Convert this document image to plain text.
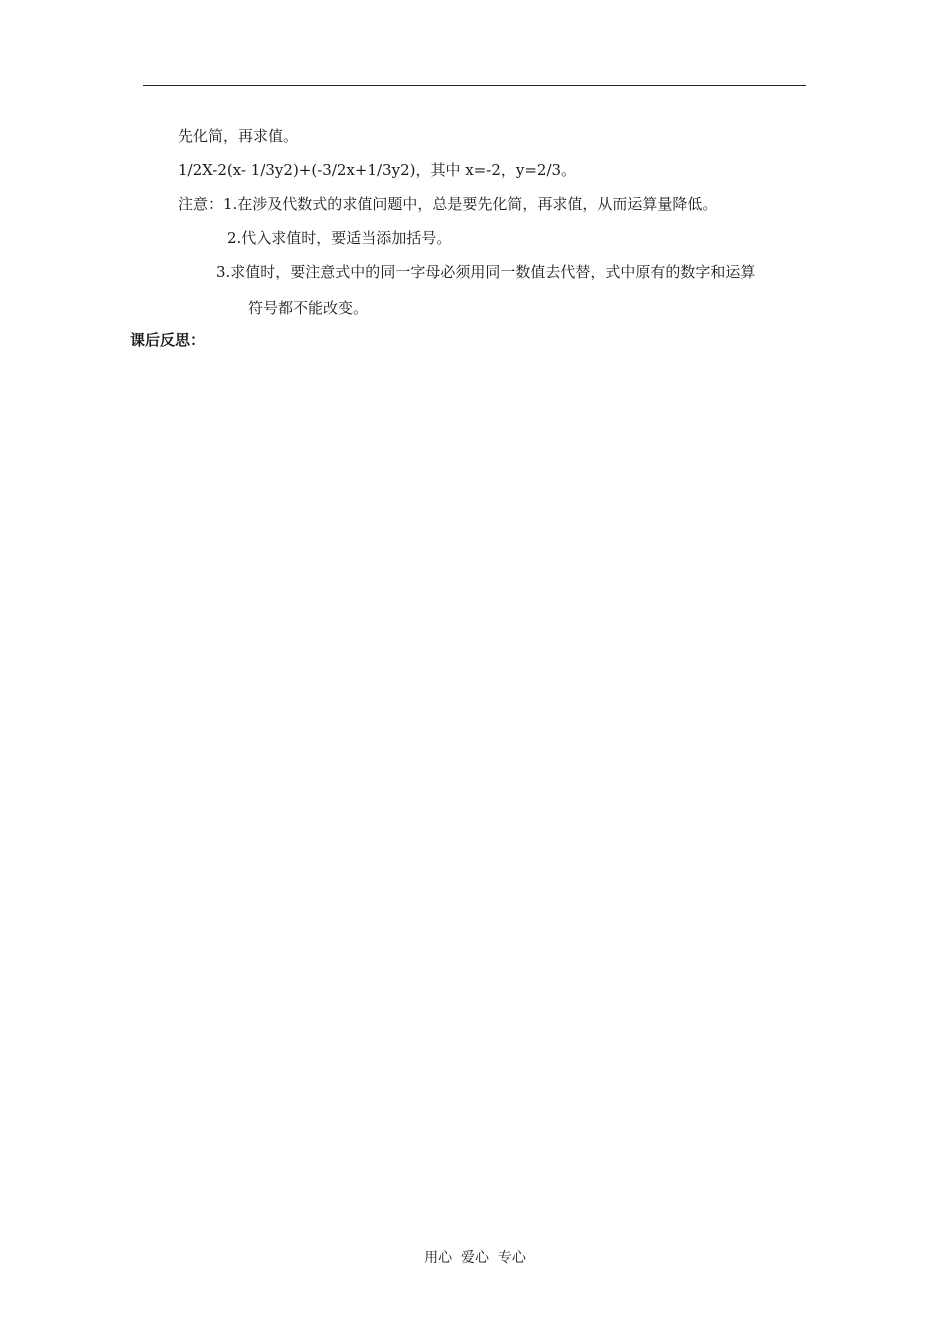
先化简，再求值。
1/2X-2(x- 1/3y2)+(-3/2x+1/3y2)，其中 x=-2，y=2/3。
注意：1.在涉及代数式的求值问题中，总是要先化简，再求值，从而运算量降低。
2.代入求值时，要适当添加括号。
3.求值时，要注意式中的同一字母必须用同一数值去代替，式中原有的数字和运算
符号都不能改变。
课后反思：
用心  爱心  专心
